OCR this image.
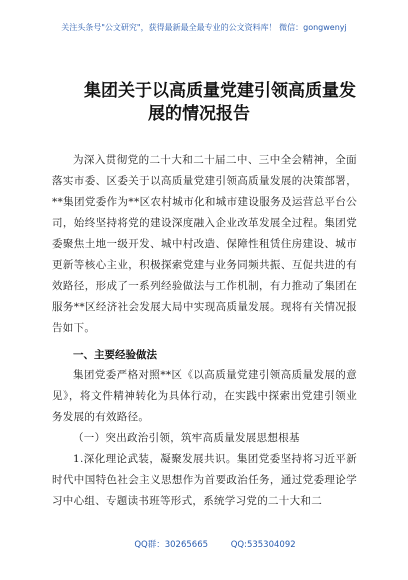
关注头条号"公文研究"，获得最新最全最专业的公文资料库！ 微信：gongwenyj
集团关于以高质量党建引领高质量发
展的情况报告
为深入贯彻党的二十大和二十届二中、三中全会精神，全面落实市委、区委关于以高质量党建引领高质量发展的决策部署，**集团党委作为**区农村城市化和城市建设服务及运营总平台公司，始终坚持将党的建设深度融入企业改革发展全过程。集团党委聚焦土地一级开发、城中村改造、保障性租赁住房建设、城市更新等核心主业，积极探索党建与业务同频共振、互促共进的有效路径，形成了一系列经验做法与工作机制，有力推动了集团在服务**区经济社会发展大局中实现高质量发展。现将有关情况报告如下。
一、主要经验做法
集团党委严格对照**区《以高质量党建引领高质量发展的意见》，将文件精神转化为具体行动，在实践中探索出党建引领业务发展的有效路径。
（一）突出政治引领，筑牢高质量发展思想根基
1.深化理论武装，凝聚发展共识。集团党委坚持将习近平新时代中国特色社会主义思想作为首要政治任务，通过党委理论学习中心组、专题读书班等形式，系统学习党的二十大和二
QQ群：30265665	QQ:535304092
